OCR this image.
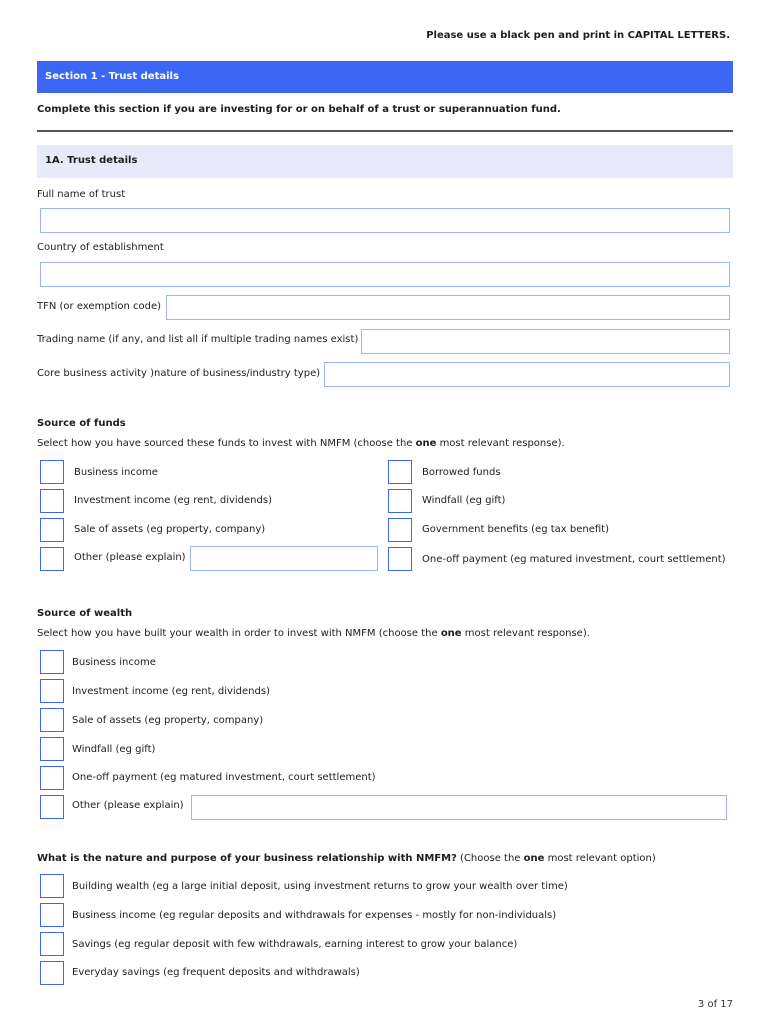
Please use a black pen and print in CAPITAL LETTERS.
Section 1 - Trust details
Complete this section if you are investing for or on behalf of a trust or superannuation fund.
1A. Trust details
Full name of trust
Country of establishment
TFN (or exemption code)
Trading name (if any, and list all if multiple trading names exist)
Core business activity )nature of business/industry type)
Source of funds
Select how you have sourced these funds to invest with NMFM (choose the one most relevant response).
Business income
Investment income (eg rent, dividends)
Sale of assets (eg property, company)
Other (please explain)
Borrowed funds
Windfall (eg gift)
Government benefits (eg tax benefit)
One-off payment (eg matured investment, court settlement)
Source of wealth
Select how you have built your wealth in order to invest with NMFM (choose the one most relevant response).
Business income
Investment income (eg rent, dividends)
Sale of assets (eg property, company)
Windfall (eg gift)
One-off payment (eg matured investment, court settlement)
Other (please explain)
What is the nature and purpose of your business relationship with NMFM? (Choose the one most relevant option)
Building wealth (eg a large initial deposit, using investment returns to grow your wealth over time)
Business income (eg regular deposits and withdrawals for expenses - mostly for non-individuals)
Savings (eg regular deposit with few withdrawals, earning interest to grow your balance)
Everyday savings (eg frequent deposits and withdrawals)
3 of 17
